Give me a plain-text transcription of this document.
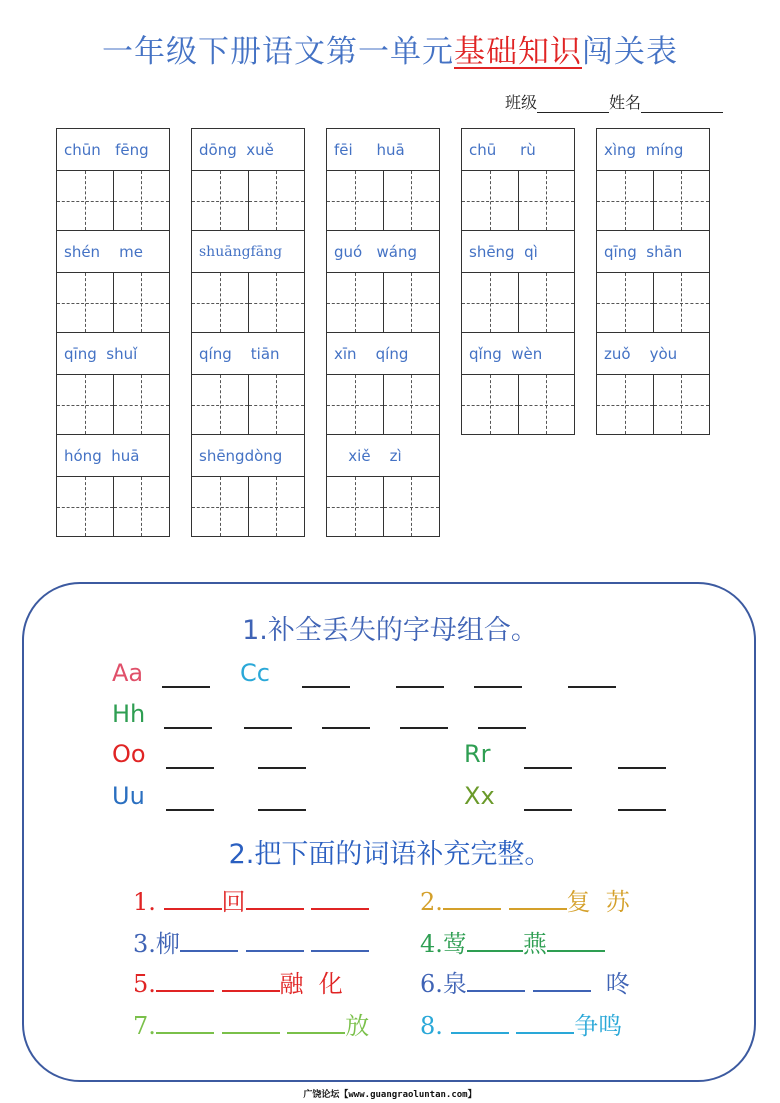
一年级下册语文第一单元基础知识闯关表
班级	姓名
chūn   fēng
shén    me
qīng  shuǐ
hóng  huā
dōng  xuě
shuāngfāng
qíng    tiān
shēngdòng
fēi     huā
guó   wáng
xīn    qíng
xiě    zì
chū     rù
shēng  qì
qǐng  wèn
xìng  míng
qīng  shān
zuǒ    yòu
1.补全丢失的字母组合。
Aa	Cc
Hh
Oo	Rr
Uu	Xx
2.把下面的词语补充完整。
1.	回	2.	复  苏
3.柳	4.莺 燕
5.	融  化	6.泉	咚
7.	放 8.	争鸣
广饶论坛【www.guangraoluntan.com】
